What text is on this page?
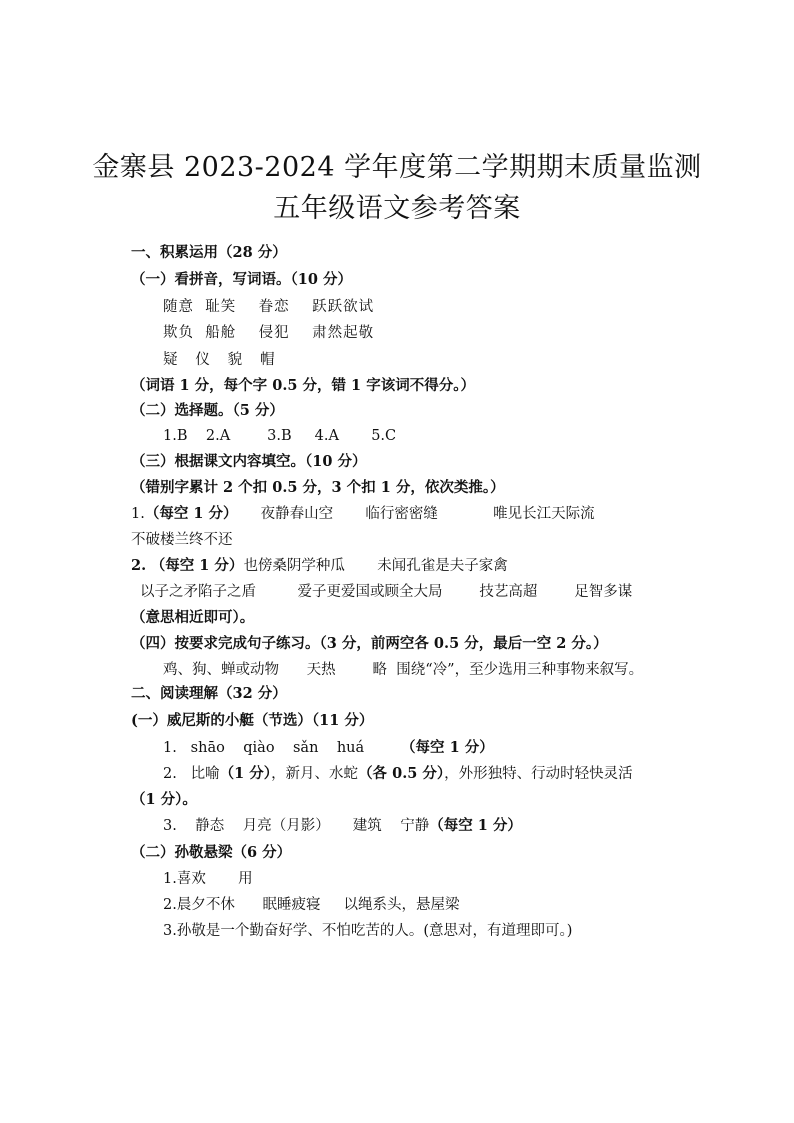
金寨县 2023-2024 学年度第二学期期末质量监测
五年级语文参考答案
一、积累运用（28 分）
（一）看拼音，写词语。（10 分）
随意  耻笑    眷恋    跃跃欲试
欺负  船舱    侵犯    肃然起敬
疑   仪   貌   帽
（词语 1 分，每个字 0.5 分，错 1 字该词不得分。）
（二）选择题。（5 分）
1.B    2.A        3.B     4.A       5.C
（三）根据课文内容填空。（10 分）
（错别字累计 2 个扣 0.5 分，3 个扣 1 分，依次类推。）
1.（每空 1 分） 夜静春山空       临行密密缝            唯见长江天际流
不破楼兰终不还
2. （每空 1 分）也傍桑阴学种瓜       未闻孔雀是夫子家禽
以子之矛陷子之盾         爱子更爱国或顾全大局        技艺高超        足智多谋
（意思相近即可）。
（四）按要求完成句子练习。（3 分，前两空各 0.5 分，最后一空 2 分。）
鸡、狗、蝉或动物      天热        略  围绕“冷”，至少选用三种事物来叙写。
二、阅读理解（32 分）
(一）威尼斯的小艇（节选）（11 分）
1.   shāo    qiào    sǎn    huá	（每空 1 分）
2.   比喻（1 分），新月、水蛇（各 0.5 分），外形独特、行动时轻快灵活
（1 分）。
3.    静态    月亮（月影）     建筑    宁静（每空 1 分）
（二）孙敬悬梁（6 分）
1.喜欢       用
2.晨夕不休      眠睡疲寝     以绳系头，悬屋梁
3.孙敬是一个勤奋好学、不怕吃苦的人。(意思对，有道理即可。)
